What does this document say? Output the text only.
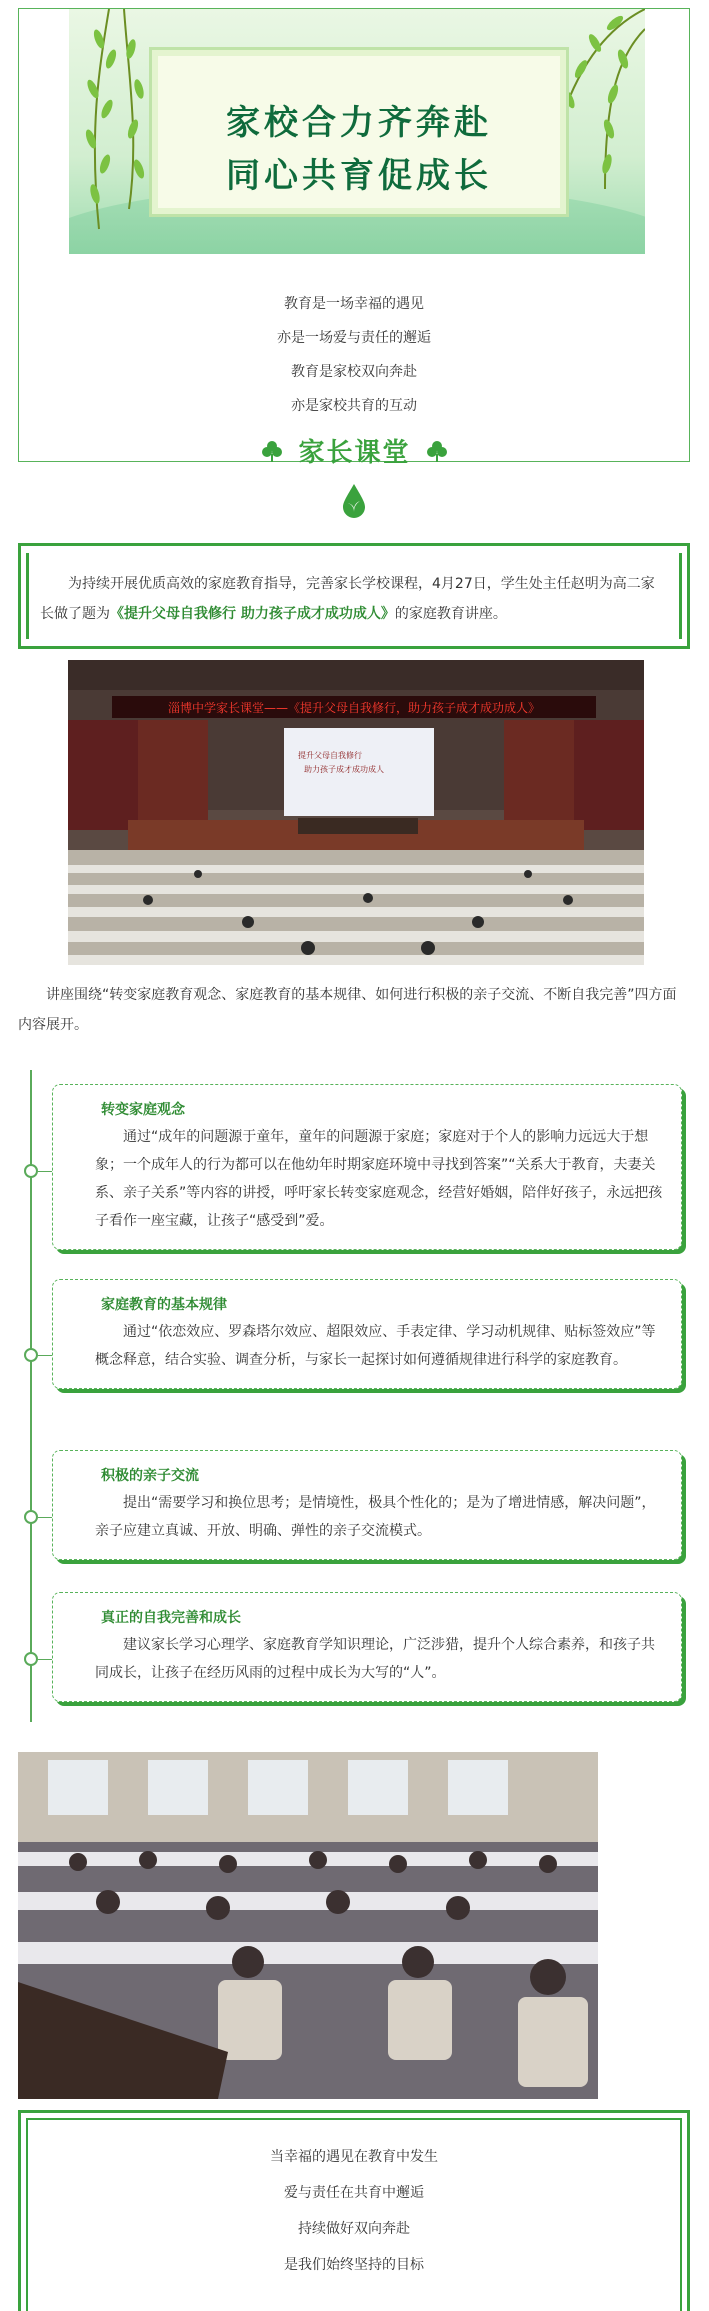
家校合力齐奔赴
同心共育促成长
教育是一场幸福的遇见
亦是一场爱与责任的邂逅
教育是家校双向奔赴
亦是家校共育的互动
家长课堂

为持续开展优质高效的家庭教育指导，完善家长学校课程，4月27日，学生处主任赵明为高二家长做了题为《提升父母自我修行 助力孩子成才成功成人》的家庭教育讲座。

淄博中学家长课堂——《提升父母自我修行，助力孩子成才成功成人》
提升父母自我修行
助力孩子成才成功成人

讲座围绕“转变家庭教育观念、家庭教育的基本规律、如何进行积极的亲子交流、不断自我完善”四方面内容展开。

转变家庭观念
通过“成年的问题源于童年，童年的问题源于家庭；家庭对于个人的影响力远远大于想象；一个成年人的行为都可以在他幼年时期家庭环境中寻找到答案”“关系大于教育，夫妻关系、亲子关系”等内容的讲授，呼吁家长转变家庭观念，经营好婚姻，陪伴好孩子，永远把孩子看作一座宝藏，让孩子“感受到”爱。
家庭教育的基本规律
通过“依恋效应、罗森塔尔效应、超限效应、手表定律、学习动机规律、贴标签效应”等概念释意，结合实验、调查分析，与家长一起探讨如何遵循规律进行科学的家庭教育。
积极的亲子交流
提出“需要学习和换位思考；是情境性，极具个性化的；是为了增进情感，解决问题”，亲子应建立真诚、开放、明确、弹性的亲子交流模式。
真正的自我完善和成长
建议家长学习心理学、家庭教育学知识理论，广泛涉猎，提升个人综合素养，和孩子共同成长，让孩子在经历风雨的过程中成长为大写的“人”。
当幸福的遇见在教育中发生
爱与责任在共育中邂逅
持续做好双向奔赴
是我们始终坚持的目标
